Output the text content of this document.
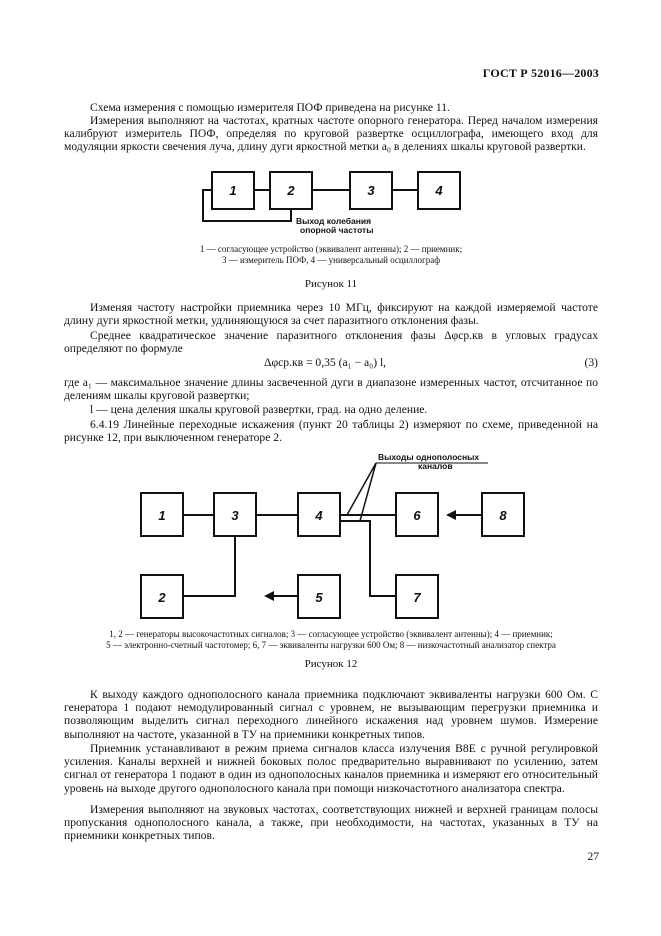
ГОСТ Р 52016—2003

Схема измерения с помощью измерителя ПОФ приведена на рисунке 11.

Измерения выполняют на частотах, кратных частоте опорного генератора. Перед началом измерения калибруют измеритель ПОФ, определяя по круговой развертке осциллографа, имеющего вход для модуляции яркости свечения луча, длину дуги яркостной метки a₀ в делениях шкалы круговой развертки.

1	2	3	4
Выход колебания
опорной частоты
1	3	4	6	8
2	5	7
Выходы однополосных
каналов
1 — согласующее устройство (эквивалент антенны); 2 — приемник;
3 — измеритель ПОФ, 4 — универсальный осциллограф
Рисунок 11

Изменяя частоту настройки приемника через 10 МГц, фиксируют на каждой измеряемой частоте длину дуги яркостной метки, удлиняющуюся за счет паразитного отклонения фазы.

Среднее квадратическое значение паразитного отклонения фазы Δφср.кв в угловых градусах определяют по формуле

Δφср.кв = 0,35 (a₁ − a₀) l,	(3)

где a₁ — максимальное значение длины засвеченной дуги в диапазоне измеренных частот, отсчитанное по делениям шкалы круговой развертки;

l — цена деления шкалы круговой развертки, град. на одно деление.

6.4.19 Линейные переходные искажения (пункт 20 таблицы 2) измеряют по схеме, приведенной на рисунке 12, при выключенном генераторе 2.

1, 2 — генераторы высокочастотных сигналов; 3 — согласующее устройство (эквивалент антенны); 4 — приемник;
5 — электронно-счетный частотомер; 6, 7 — эквиваленты нагрузки 600 Ом; 8 — низкочастотный анализатор спектра
Рисунок 12

К выходу каждого однополосного канала приемника подключают эквиваленты нагрузки 600 Ом. С генератора 1 подают немодулированный сигнал с уровнем, не вызывающим перегрузки приемника и позволяющим выделить сигнал переходного линейного искажения над уровнем шумов. Измерение выполняют на частоте, указанной в ТУ на приемники конкретных типов.

Приемник устанавливают в режим приема сигналов класса излучения B8E с ручной регулировкой усиления. Каналы верхней и нижней боковых полос предварительно выравнивают по усилению, затем сигнал от генератора 1 подают в один из однополосных каналов приемника и измеряют его относительный уровень на выходе другого однополосного канала при помощи низкочастотного анализатора спектра.

Измерения выполняют на звуковых частотах, соответствующих нижней и верхней границам полосы пропускания однополосного канала, а также, при необходимости, на частотах, указанных в ТУ на приемники конкретных типов.

27
